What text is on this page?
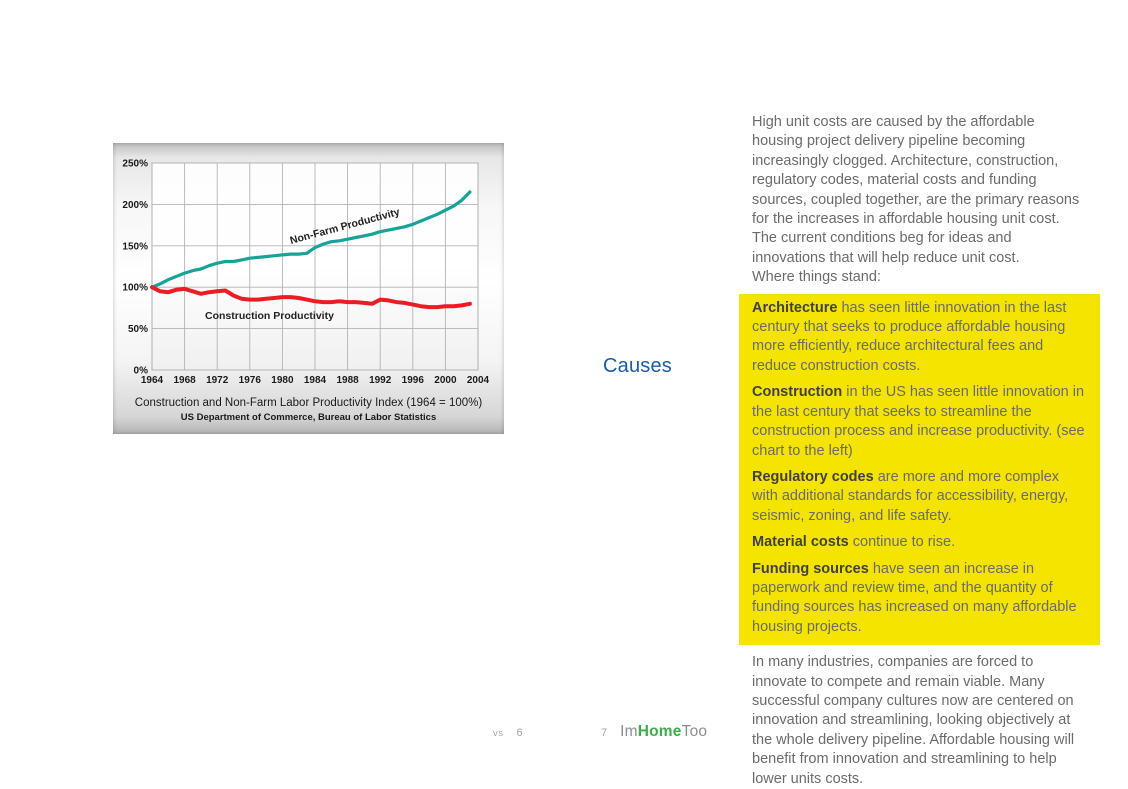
0%
50%
100%
150%
200%
250%
1964 1968 1972 1976 1980 1984 1988 1992 1996 2000 2004
Non-Farm Productivity
Construction Productivity
Construction and Non-Farm Labor Productivity Index (1964 = 100%)
US Department of Commerce, Bureau of Labor Statistics
Causes

High unit costs are caused by the affordable housing project delivery pipeline becoming increasingly clogged. Architecture, construction, regulatory codes, material costs and funding sources, coupled together, are the primary reasons for the increases in affordable housing unit cost. The current conditions beg for ideas and innovations that will help reduce unit cost.

Where things stand:

Architecture has seen little innovation in the last century that seeks to produce affordable housing more efficiently, reduce architectural fees and reduce construction costs.

Construction in the US has seen little innovation in the last century that seeks to streamline the construction process and increase productivity. (see chart to the left)

Regulatory codes are more and more complex with additional standards for accessibility, energy, seismic, zoning, and life safety.

Material costs continue to rise.

Funding sources have seen an increase in paperwork and review time, and the quantity of funding sources has increased on many affordable housing projects.

In many industries, companies are forced to innovate to compete and remain viable. Many successful company cultures now are centered on innovation and streamlining, looking objectively at the whole delivery pipeline. Affordable housing will benefit from innovation and streamlining to help lower units costs.

vs 6	7 ImHomeToo
